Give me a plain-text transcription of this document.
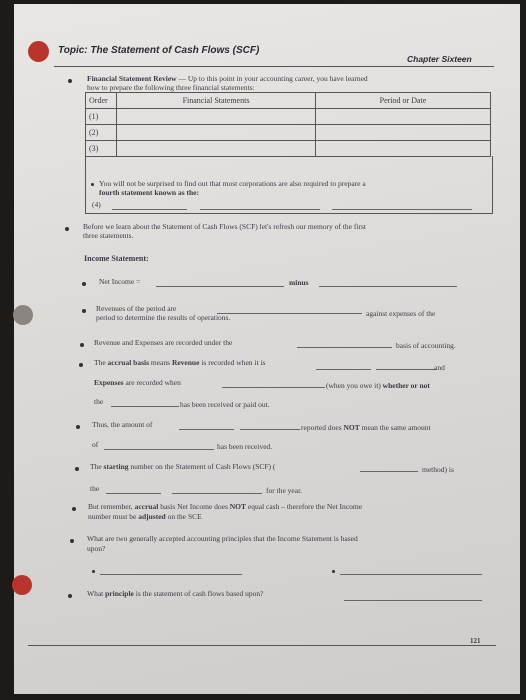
Topic: The Statement of Cash Flows (SCF)
Chapter Sixteen
Financial Statement Review — Up to this point in your accounting career, you have learned
how to prepare the following three financial statements:
Order	Financial Statements	Period or Date
(1)		
(2)		
(3)		
You will not be surprised to find out that most corporations are also required to prepare a
fourth statement known as the:
(4)
Before we learn about the Statement of Cash Flows (SCF) let's refresh our memory of the first
three statements.
Income Statement:
Net Income =	minus
Revenues of the period are
against expenses of the
period to determine the results of operations.
Revenue and Expenses are recorded under the	basis of accounting.
The accrual basis means Revenue is recorded when it is
and
Expenses are recorded when	(when you owe it) whether or not
the	has been received or paid out.
Thus, the amount of	reported does NOT mean the same amount
of	has been received.
The starting number on the Statement of Cash Flows (SCF) (	method) is
the	for the year.
But remember, accrual basis Net Income does NOT equal cash – therefore the Net Income
number must be adjusted on the SCE
What are two generally accepted accounting principles that the Income Statement is based
upon?
What principle is the statement of cash flows based upon?
121
